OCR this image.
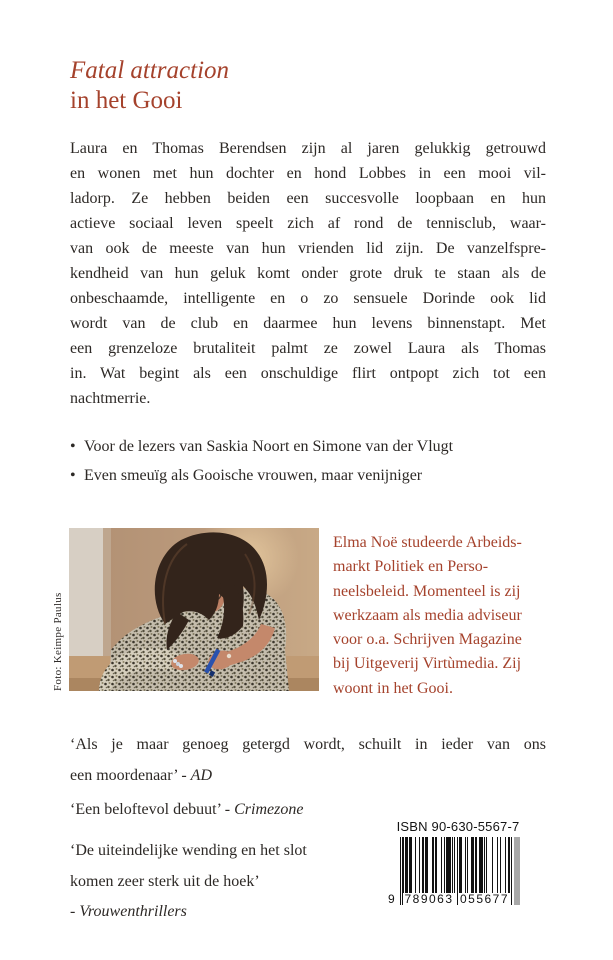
Fatal attraction
in het Gooi
Laura en Thomas Berendsen zijn al jaren gelukkig getrouwd
en wonen met hun dochter en hond Lobbes in een mooi vil-
ladorp. Ze hebben beiden een succesvolle loopbaan en hun
actieve sociaal leven speelt zich af rond de tennisclub, waar-
van ook de meeste van hun vrienden lid zijn. De vanzelfspre-
kendheid van hun geluk komt onder grote druk te staan als de
onbeschaamde, intelligente en o zo sensuele Dorinde ook lid
wordt van de club en daarmee hun levens binnenstapt. Met
een grenzeloze brutaliteit palmt ze zowel Laura als Thomas
in. Wat begint als een onschuldige flirt ontpopt zich tot een
nachtmerrie.
• Voor de lezers van Saskia Noort en Simone van der Vlugt
• Even smeuïg als Gooische vrouwen, maar venijniger
Foto: Keimpe Paulus
Elma Noë studeerde Arbeids-
markt Politiek en Perso-
neelsbeleid. Momenteel is zij
werkzaam als media adviseur
voor o.a. Schrijven Magazine
bij Uitgeverij Virtùmedia. Zij
woont in het Gooi.
‘Als je maar genoeg getergd wordt, schuilt in ieder van ons
een moordenaar’ - AD
‘Een beloftevol debuut’ - Crimezone
‘De uiteindelijke wending en het slot
komen zeer sterk uit de hoek’
- Vrouwenthrillers
ISBN 90-630-5567-7
789063 055677
9
